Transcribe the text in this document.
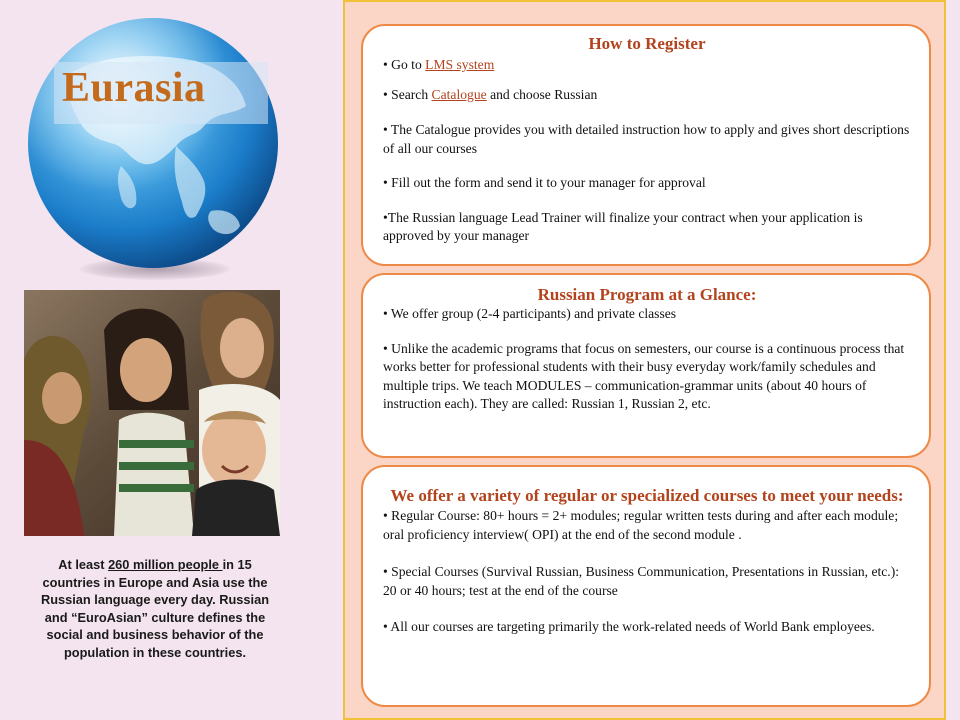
Eurasia
At least 260 million people in 15 countries in Europe and Asia use the Russian language every day. Russian and “EuroAsian” culture defines the social and business behavior of the population in these countries.
How to Register

• Go to LMS system

• Search Catalogue and choose Russian

• The Catalogue provides you with detailed instruction how to apply and gives short descriptions of all our courses

• Fill out the form and send it to your manager for approval

•The Russian language Lead Trainer will finalize your contract when your application is approved by your manager

Russian Program at a Glance:

• We offer group (2-4 participants) and private classes

• Unlike the academic programs that focus on semesters, our course is a continuous process that works better for professional students with their busy everyday work/family schedules and multiple trips. We teach MODULES – communication-grammar units (about 40 hours of instruction each). They are called: Russian 1, Russian 2, etc.

We offer a variety of regular or specialized courses to meet your needs:

• Regular Course: 80+ hours = 2+ modules; regular written tests during and after each module; oral proficiency interview( OPI) at the end of the second module .

• Special Courses (Survival Russian, Business Communication, Presentations in Russian, etc.): 20 or 40 hours; test at the end of the course

• All our courses are targeting primarily the work-related needs of World Bank employees.
